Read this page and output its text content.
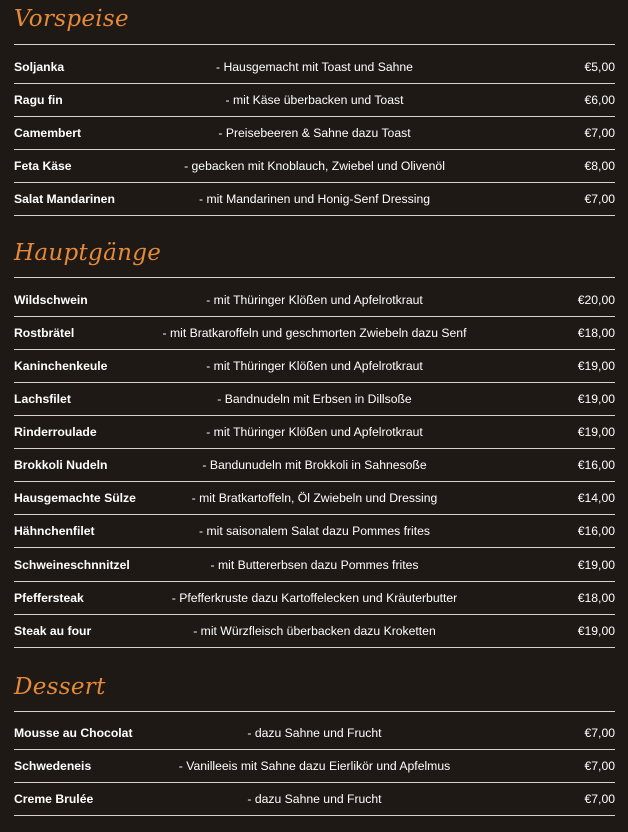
Vorspeise
Soljanka	- Hausgemacht mit Toast und Sahne	€5,00
Ragu fin	- mit Käse überbacken und Toast	€6,00
Camembert	- Preisebeeren & Sahne dazu Toast	€7,00
Feta Käse	- gebacken mit Knoblauch, Zwiebel und Olivenöl	€8,00
Salat Mandarinen	- mit Mandarinen und Honig-Senf Dressing	€7,00
Hauptgänge
Wildschwein	- mit Thüringer Klößen und Apfelrotkraut	€20,00
Rostbrätel	- mit Bratkaroffeln und geschmorten Zwiebeln dazu Senf	€18,00
Kaninchenkeule	- mit Thüringer Klößen und Apfelrotkraut	€19,00
Lachsfilet	- Bandnudeln mit Erbsen in Dillsoße	€19,00
Rinderroulade	- mit Thüringer Klößen und Apfelrotkraut	€19,00
Brokkoli Nudeln	- Bandunudeln mit Brokkoli in Sahnesoße	€16,00
Hausgemachte Sülze	- mit Bratkartoffeln, Öl Zwiebeln und Dressing	€14,00
Hähnchenfilet	- mit saisonalem Salat dazu Pommes frites	€16,00
Schweineschnnitzel	- mit Buttererbsen dazu Pommes frites	€19,00
Pfeffersteak	- Pfefferkruste dazu Kartoffelecken und Kräuterbutter	€18,00
Steak au four	- mit Würzfleisch überbacken dazu Kroketten	€19,00
Dessert
Mousse au Chocolat	- dazu Sahne und Frucht	€7,00
Schwedeneis	- Vanilleeis mit Sahne dazu Eierlikör und Apfelmus	€7,00
Creme Brulée	- dazu Sahne und Frucht	€7,00
